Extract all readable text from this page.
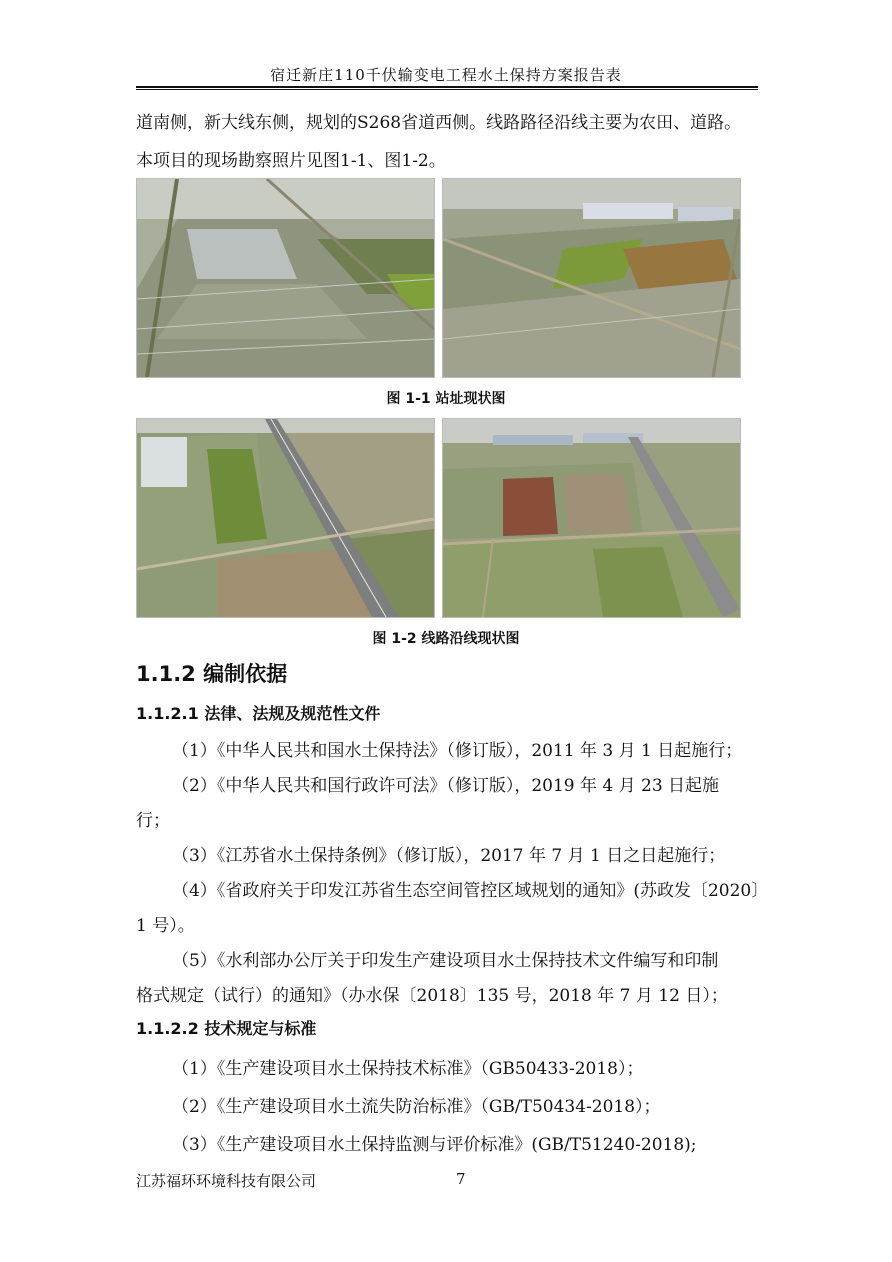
宿迁新庄110千伏输变电工程水土保持方案报告表
道南侧，新大线东侧，规划的S268省道西侧。线路路径沿线主要为农田、道路。
本项目的现场勘察照片见图1-1、图1-2。
图 1-1 站址现状图
图 1-2 线路沿线现状图
1.1.2 编制依据
1.1.2.1 法律、法规及规范性文件
（1）《中华人民共和国水土保持法》（修订版），2011 年 3 月 1 日起施行；
（2）《中华人民共和国行政许可法》（修订版），2019 年 4 月 23 日起施
行；
（3）《江苏省水土保持条例》（修订版），2017 年 7 月 1 日之日起施行；
（4）《省政府关于印发江苏省生态空间管控区域规划的通知》(苏政发〔2020〕
1 号）。
（5）《水利部办公厅关于印发生产建设项目水土保持技术文件编写和印制
格式规定（试行）的通知》（办水保〔2018〕135 号，2018 年 7 月 12 日）；
1.1.2.2 技术规定与标准
（1）《生产建设项目水土保持技术标准》（GB50433-2018）；
（2）《生产建设项目水土流失防治标准》（GB/T50434-2018）；
（3）《生产建设项目水土保持监测与评价标准》(GB/T51240-2018);
江苏福环环境科技有限公司	7
